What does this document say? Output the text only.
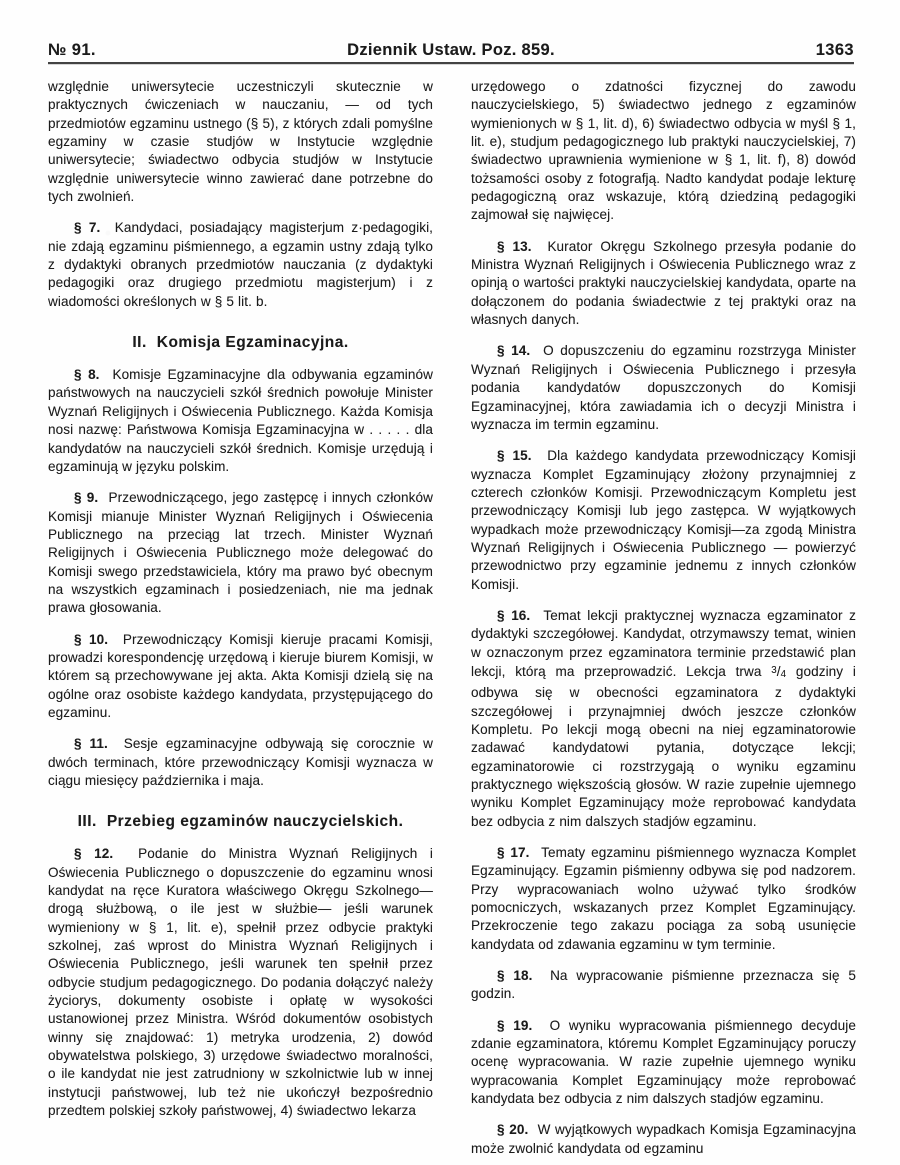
№ 91.	Dziennik Ustaw. Poz. 859.	1363

względnie uniwersytecie uczestniczyli skutecznie w praktycznych ćwiczeniach w nauczaniu, — od tych przedmiotów egzaminu ustnego (§ 5), z których zdali pomyślne egzaminy w czasie studjów w Instytucie względnie uniwersytecie; świadectwo odbycia studjów w Instytucie względnie uniwersytecie winno zawierać dane potrzebne do tych zwolnień.

§ 7.  Kandydaci, posiadający magisterjum z·pedagogiki, nie zdają egzaminu piśmiennego, a egzamin ustny zdają tylko z dydaktyki obranych przedmiotów nauczania (z dydaktyki pedagogiki oraz drugiego przedmiotu magisterjum) i z wiadomości określonych w § 5 lit. b.

II. Komisja Egzaminacyjna.

§ 8.  Komisje Egzaminacyjne dla odbywania egzaminów państwowych na nauczycieli szkół średnich powołuje Minister Wyznań Religijnych i Oświecenia Publicznego. Każda Komisja nosi nazwę: Państwowa Komisja Egzaminacyjna w . . . . . dla kandydatów na nauczycieli szkół średnich. Komisje urzędują i egzaminują w języku polskim.

§ 9.  Przewodniczącego, jego zastępcę i innych członków Komisji mianuje Minister Wyznań Religijnych i Oświecenia Publicznego na przeciąg lat trzech. Minister Wyznań Religijnych i Oświecenia Publicznego może delegować do Komisji swego przedstawiciela, który ma prawo być obecnym na wszystkich egzaminach i posiedzeniach, nie ma jednak prawa głosowania.

§ 10.  Przewodniczący Komisji kieruje pracami Komisji, prowadzi korespondencję urzędową i kieruje biurem Komisji, w którem są przechowywane jej akta. Akta Komisji dzielą się na ogólne oraz osobiste każdego kandydata, przystępującego do egzaminu.

§ 11.  Sesje egzaminacyjne odbywają się corocznie w dwóch terminach, które przewodniczący Komisji wyznacza w ciągu miesięcy października i maja.

III. Przebieg egzaminów nauczycielskich.

§ 12.  Podanie do Ministra Wyznań Religijnych i Oświecenia Publicznego o dopuszczenie do egzaminu wnosi kandydat na ręce Kuratora właściwego Okręgu Szkolnego—drogą służbową, o ile jest w służbie— jeśli warunek wymieniony w § 1, lit. e), spełnił przez odbycie praktyki szkolnej, zaś wprost do Ministra Wyznań Religijnych i Oświecenia Publicznego, jeśli warunek ten spełnił przez odbycie studjum pedagogicznego. Do podania dołączyć należy życiorys, dokumenty osobiste i opłatę w wysokości ustanowionej przez Ministra. Wśród dokumentów osobistych winny się znajdować: 1) metryka urodzenia, 2) dowód obywatelstwa polskiego, 3) urzędowe świadectwo moralności, o ile kandydat nie jest zatrudniony w szkolnictwie lub w innej instytucji państwowej, lub też nie ukończył bezpośrednio przedtem polskiej szkoły państwowej, 4) świadectwo lekarza

urzędowego o zdatności fizycznej do zawodu nauczycielskiego, 5) świadectwo jednego z egzaminów wymienionych w § 1, lit. d), 6) świadectwo odbycia w myśl § 1, lit. e), studjum pedagogicznego lub praktyki nauczycielskiej, 7) świadectwo uprawnienia wymienione w § 1, lit. f), 8) dowód tożsamości osoby z fotografją. Nadto kandydat podaje lekturę pedagogiczną oraz wskazuje, którą dziedziną pedagogiki zajmował się najwięcej.

§ 13.  Kurator Okręgu Szkolnego przesyła podanie do Ministra Wyznań Religijnych i Oświecenia Publicznego wraz z opinją o wartości praktyki nauczycielskiej kandydata, oparte na dołączonem do podania świadectwie z tej praktyki oraz na własnych danych.

§ 14.  O dopuszczeniu do egzaminu rozstrzyga Minister Wyznań Religijnych i Oświecenia Publicznego i przesyła podania kandydatów dopuszczonych do Komisji Egzaminacyjnej, która zawiadamia ich o decyzji Ministra i wyznacza im termin egzaminu.

§ 15.  Dla każdego kandydata przewodniczący Komisji wyznacza Komplet Egzaminujący złożony przynajmniej z czterech członków Komisji. Przewodniczącym Kompletu jest przewodniczący Komisji lub jego zastępca. W wyjątkowych wypadkach może przewodniczący Komisji—za zgodą Ministra Wyznań Religijnych i Oświecenia Publicznego — powierzyć przewodnictwo przy egzaminie jednemu z innych członków Komisji.

§ 16.  Temat lekcji praktycznej wyznacza egzaminator z dydaktyki szczegółowej. Kandydat, otrzymawszy temat, winien w oznaczonym przez egzaminatora terminie przedstawić plan lekcji, którą ma przeprowadzić. Lekcja trwa $^3$/4 godziny i odbywa się w obecności egzaminatora z dydaktyki szczegółowej i przynajmniej dwóch jeszcze członków Kompletu. Po lekcji mogą obecni na niej egzaminatorowie zadawać kandydatowi pytania, dotyczące lekcji; egzaminatorowie ci rozstrzygają o wyniku egzaminu praktycznego większością głosów. W razie zupełnie ujemnego wyniku Komplet Egzaminujący może reprobować kandydata bez odbycia z nim dalszych stadjów egzaminu.

§ 17.  Tematy egzaminu piśmiennego wyznacza Komplet Egzaminujący. Egzamin piśmienny odbywa się pod nadzorem. Przy wypracowaniach wolno używać tylko środków pomocniczych, wskazanych przez Komplet Egzaminujący. Przekroczenie tego zakazu pociąga za sobą usunięcie kandydata od zdawania egzaminu w tym terminie.

§ 18.  Na wypracowanie piśmienne przeznacza się 5 godzin.

§ 19.  O wyniku wypracowania piśmiennego decyduje zdanie egzaminatora, któremu Komplet Egzaminujący poruczy ocenę wypracowania. W razie zupełnie ujemnego wyniku wypracowania Komplet Egzaminujący może reprobować kandydata bez odbycia z nim dalszych stadjów egzaminu.

§ 20.  W wyjątkowych wypadkach Komisja Egzaminacyjna może zwolnić kandydata od egzaminu
